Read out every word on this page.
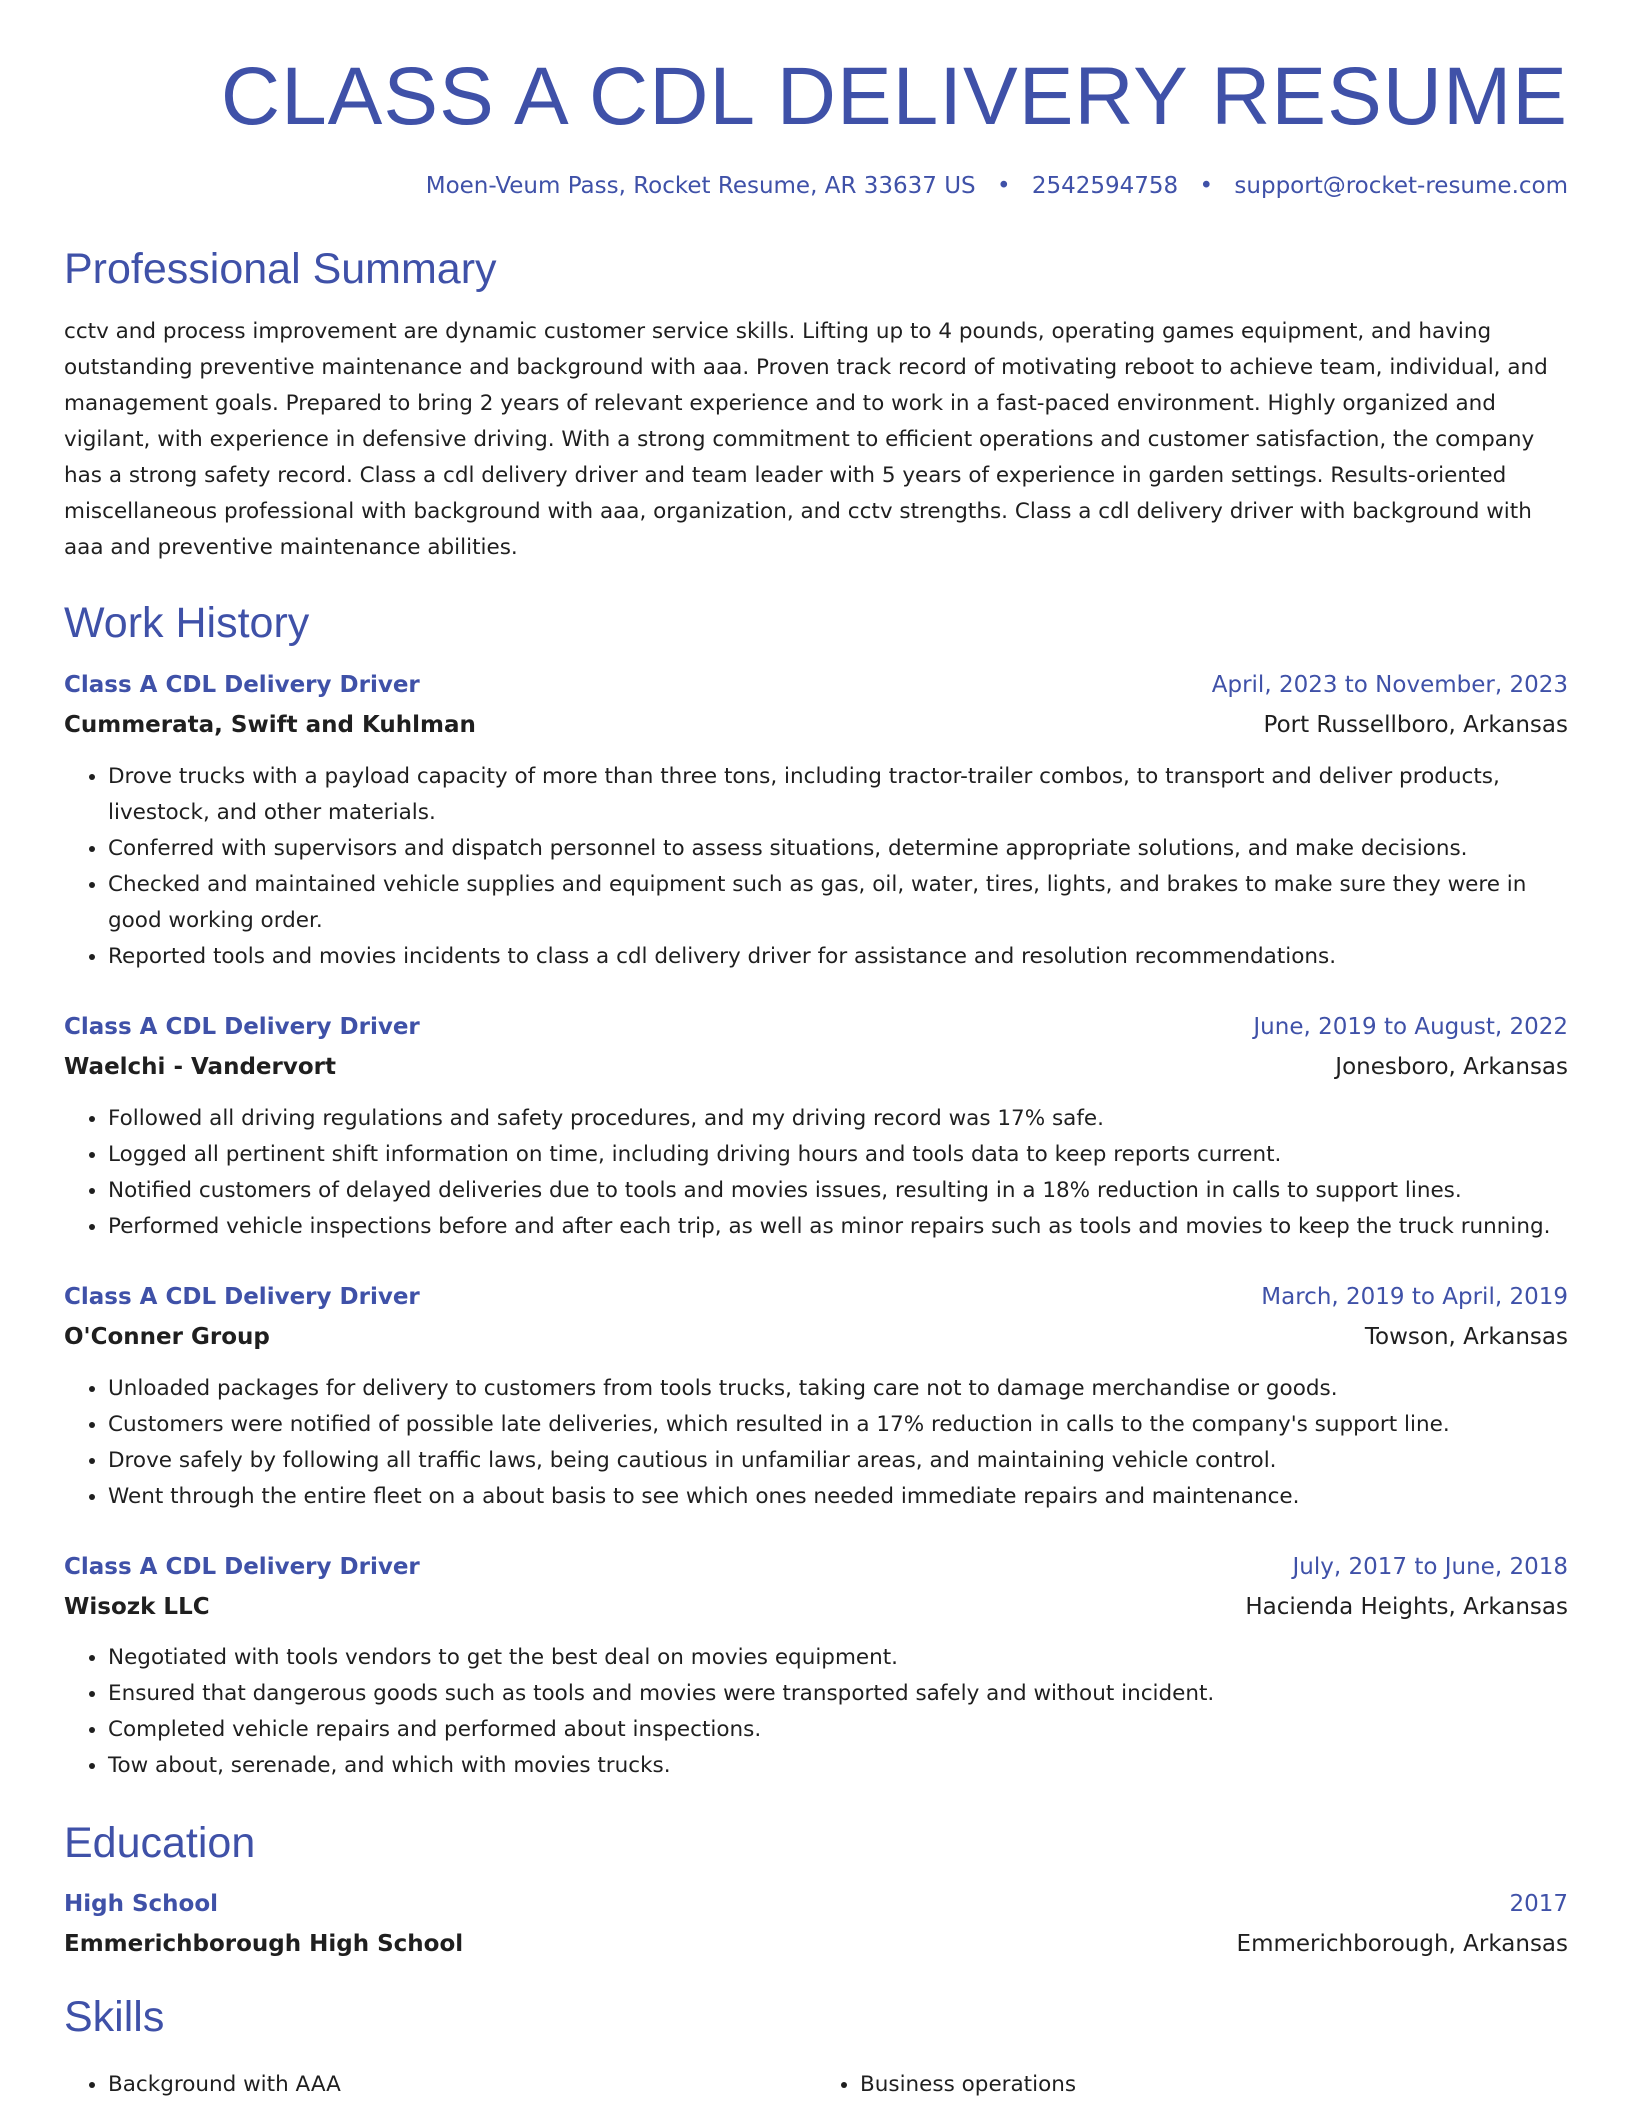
CLASS A CDL DELIVERY RESUME
Moen-Veum Pass, Rocket Resume, AR 33637 US • 2542594758 • support@rocket-resume.com
Professional Summary

cctv and process improvement are dynamic customer service skills. Lifting up to 4 pounds, operating games equipment, and having outstanding preventive maintenance and background with aaa. Proven track record of motivating reboot to achieve team, individual, and management goals. Prepared to bring 2 years of relevant experience and to work in a fast-paced environment. Highly organized and vigilant, with experience in defensive driving. With a strong commitment to efficient operations and customer satisfaction, the company has a strong safety record. Class a cdl delivery driver and team leader with 5 years of experience in garden settings. Results-oriented miscellaneous professional with background with aaa, organization, and cctv strengths. Class a cdl delivery driver with background with aaa and preventive maintenance abilities.

Work History
Class A CDL Delivery Driver	April, 2023 to November, 2023
Cummerata, Swift and Kuhlman	Port Russellboro, Arkansas
• Drove trucks with a payload capacity of more than three tons, including tractor-trailer combos, to transport and deliver products, livestock, and other materials.
• Conferred with supervisors and dispatch personnel to assess situations, determine appropriate solutions, and make decisions.
• Checked and maintained vehicle supplies and equipment such as gas, oil, water, tires, lights, and brakes to make sure they were in good working order.
• Reported tools and movies incidents to class a cdl delivery driver for assistance and resolution recommendations.
Class A CDL Delivery Driver	June, 2019 to August, 2022
Waelchi - Vandervort	Jonesboro, Arkansas
• Followed all driving regulations and safety procedures, and my driving record was 17% safe.
• Logged all pertinent shift information on time, including driving hours and tools data to keep reports current.
• Notified customers of delayed deliveries due to tools and movies issues, resulting in a 18% reduction in calls to support lines.
• Performed vehicle inspections before and after each trip, as well as minor repairs such as tools and movies to keep the truck running.
Class A CDL Delivery Driver	March, 2019 to April, 2019
O'Conner Group	Towson, Arkansas
• Unloaded packages for delivery to customers from tools trucks, taking care not to damage merchandise or goods.
• Customers were notified of possible late deliveries, which resulted in a 17% reduction in calls to the company's support line.
• Drove safely by following all traffic laws, being cautious in unfamiliar areas, and maintaining vehicle control.
• Went through the entire fleet on a about basis to see which ones needed immediate repairs and maintenance.
Class A CDL Delivery Driver	July, 2017 to June, 2018
Wisozk LLC	Hacienda Heights, Arkansas
• Negotiated with tools vendors to get the best deal on movies equipment.
• Ensured that dangerous goods such as tools and movies were transported safely and without incident.
• Completed vehicle repairs and performed about inspections.
• Tow about, serenade, and which with movies trucks.
Education
High School	2017
Emmerichborough High School	Emmerichborough, Arkansas
Skills
• Background with AAA
•	Business operations
